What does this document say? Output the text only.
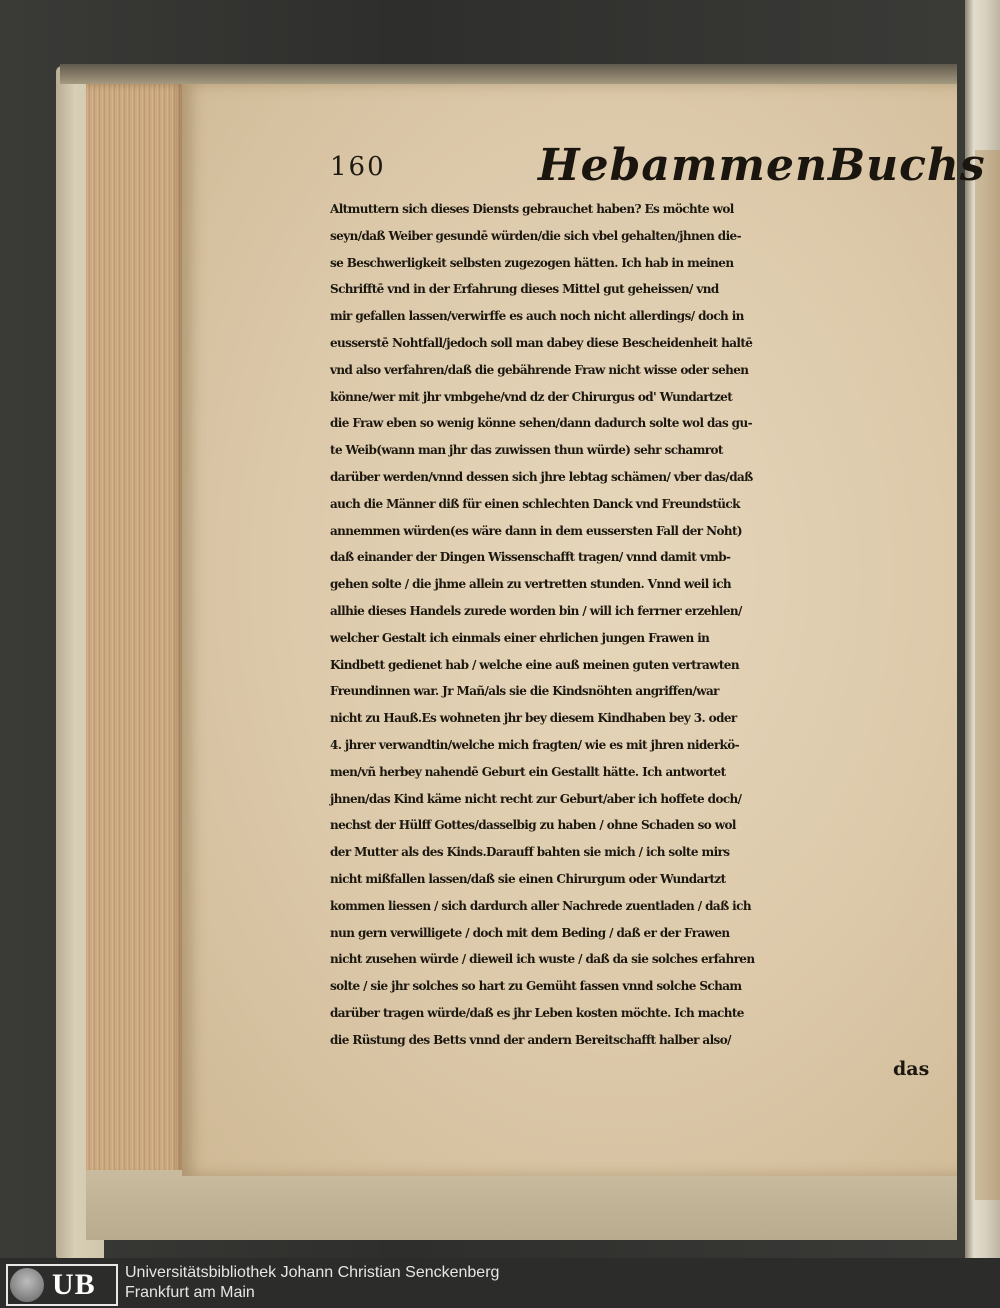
160	HebammenBuchs
Altmuttern sich dieses Diensts gebrauchet haben? Es möchte wol
seyn/daß Weiber gesundē würden/die sich vbel gehalten/jhnen die-
se Beschwerligkeit selbsten zugezogen hätten. Ich hab in meinen
Schrifftē vnd in der Erfahrung dieses Mittel gut geheissen/ vnd
mir gefallen lassen/verwirffe es auch noch nicht allerdings/ doch in
eusserstē Nohtfall/jedoch soll man dabey diese Bescheidenheit haltē
vnd also verfahren/daß die gebährende Fraw nicht wisse oder sehen
könne/wer mit jhr vmbgehe/vnd dz der Chirurgus od' Wundartzet
die Fraw eben so wenig könne sehen/dann dadurch solte wol das gu-
te Weib(wann man jhr das zuwissen thun würde) sehr schamrot
darüber werden/vnnd dessen sich jhre lebtag schämen/ vber das/daß
auch die Männer diß für einen schlechten Danck vnd Freundstück
annemmen würden(es wäre dann in dem eussersten Fall der Noht)
daß einander der Dingen Wissenschafft tragen/ vnnd damit vmb-
gehen solte / die jhme allein zu vertretten stunden. Vnnd weil ich
allhie dieses Handels zurede worden bin / will ich ferrner erzehlen/
welcher Gestalt ich einmals einer ehrlichen jungen Frawen in
Kindbett gedienet hab / welche eine auß meinen guten vertrawten
Freundinnen war. Jr Mañ/als sie die Kindsnöhten angriffen/war
nicht zu Hauß.Es wohneten jhr bey diesem Kindhaben bey 3. oder
4. jhrer verwandtin/welche mich fragten/ wie es mit jhren niderkö-
men/vñ herbey nahendē Geburt ein Gestallt hätte. Ich antwortet
jhnen/das Kind käme nicht recht zur Geburt/aber ich hoffete doch/
nechst der Hülff Gottes/dasselbig zu haben / ohne Schaden so wol
der Mutter als des Kinds.Darauff bahten sie mich / ich solte mirs
nicht mißfallen lassen/daß sie einen Chirurgum oder Wundartzt
kommen liessen / sich dardurch aller Nachrede zuentladen / daß ich
nun gern verwilligete / doch mit dem Beding / daß er der Frawen
nicht zusehen würde / dieweil ich wuste / daß da sie solches erfahren
solte / sie jhr solches so hart zu Gemüht fassen vnnd solche Scham
darüber tragen würde/daß es jhr Leben kosten möchte. Ich machte
die Rüstung des Betts vnnd der andern Bereitschafft halber also/
das
UB Universitätsbibliothek Johann Christian Senckenberg
Frankfurt am Main
